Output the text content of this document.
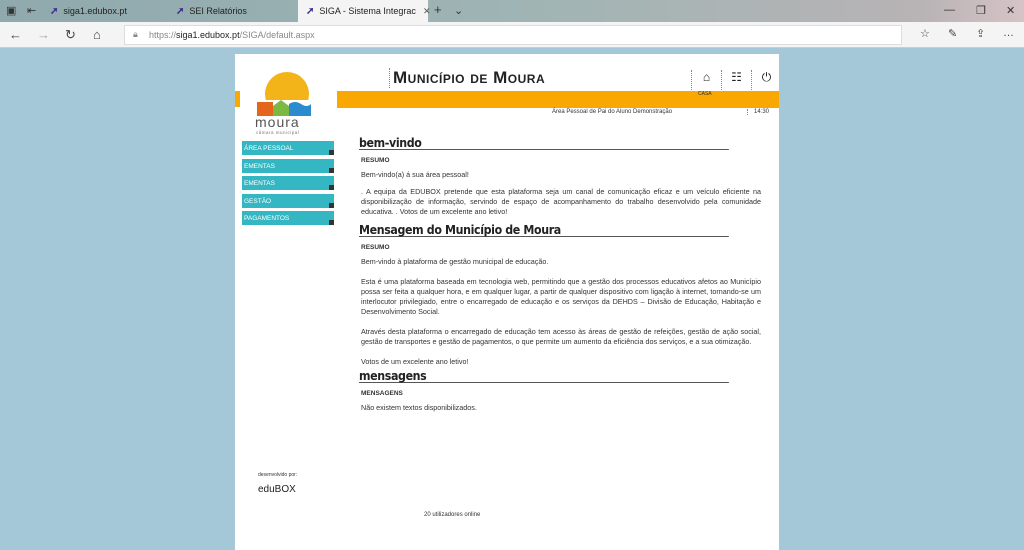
▣ ⇤ ➚ siga1.edubox.pt	➚ SEI Relatórios	➚ SIGA - Sistema Integrac ✕ + ⌄	— ❐ ✕
← → ↻ ⌂	🔒︎ https://siga1.edubox.pt/SIGA/default.aspx	☆ ✎ ⇪ …
moura
câmara municipal
Município de Moura	⌂	☷	⏻
CASA
Área Pessoal de Pai do Aluno Demonstração	14:30
ÁREA PESSOAL
EMENTAS
EMENTAS
GESTÃO
PAGAMENTOS
bem-vindo
RESUMO
Bem-vindo(a) á sua área pessoal!
. A equipa da EDUBOX pretende que esta plataforma seja um canal de comunicação eficaz e um veículo eficiente na disponibilização de informação, servindo de espaço de acompanhamento do trabalho desenvolvido pela comunidade educativa. . Votos de um excelente ano letivo!
Mensagem do Município de Moura
RESUMO
Bem-vindo à plataforma de gestão municipal de educação.
Esta é uma plataforma baseada em tecnologia web, permitindo que a gestão dos processos educativos afetos ao Município possa ser feita a qualquer hora, e em qualquer lugar, a partir de qualquer dispositivo com ligação à internet, tornando-se um interlocutor privilegiado, entre o encarregado de educação e os serviços da DEHDS – Divisão de Educação, Habitação e Desenvolvimento Social.
Através desta plataforma o encarregado de educação tem acesso às áreas de gestão de refeições, gestão de ação social, gestão de transportes e gestão de pagamentos, o que permite um aumento da eficiência dos serviços, e a sua otimização.
Votos de um excelente ano letivo!
mensagens
MENSAGENS
Não existem textos disponibilizados.
desenvolvido por:
eduBOX
20 utilizadores online
